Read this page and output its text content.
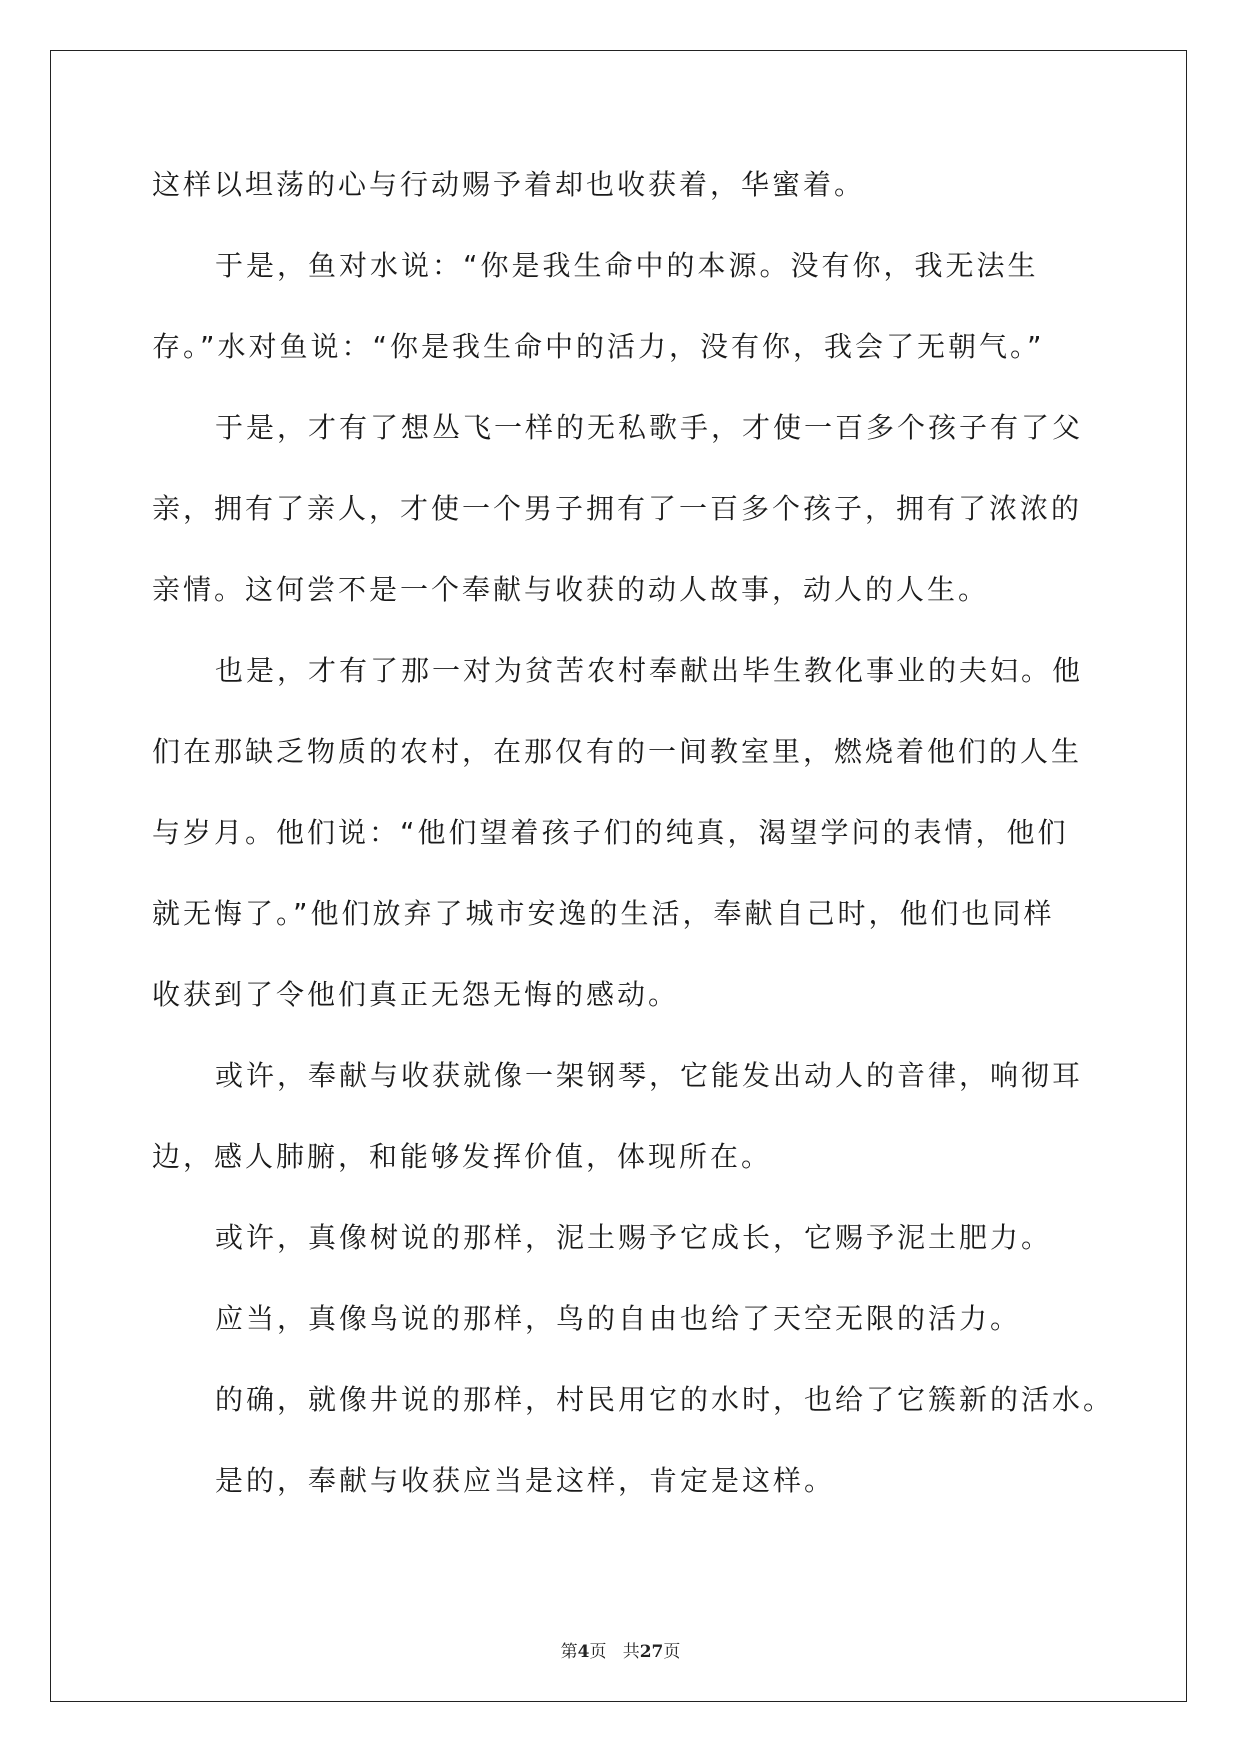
这样以坦荡的心与行动赐予着却也收获着，华蜜着。
于是，鱼对水说：“你是我生命中的本源。没有你，我无法生
存。”水对鱼说：“你是我生命中的活力，没有你，我会了无朝气。”
于是，才有了想丛飞一样的无私歌手，才使一百多个孩子有了父
亲，拥有了亲人，才使一个男子拥有了一百多个孩子，拥有了浓浓的
亲情。这何尝不是一个奉献与收获的动人故事，动人的人生。
也是，才有了那一对为贫苦农村奉献出毕生教化事业的夫妇。他
们在那缺乏物质的农村，在那仅有的一间教室里，燃烧着他们的人生
与岁月。他们说：“他们望着孩子们的纯真，渴望学问的表情，他们
就无悔了。”他们放弃了城市安逸的生活，奉献自己时，他们也同样
收获到了令他们真正无怨无悔的感动。
或许，奉献与收获就像一架钢琴，它能发出动人的音律，响彻耳
边，感人肺腑，和能够发挥价值，体现所在。
或许，真像树说的那样，泥土赐予它成长，它赐予泥土肥力。
应当，真像鸟说的那样，鸟的自由也给了天空无限的活力。
的确，就像井说的那样，村民用它的水时，也给了它簇新的活水。
是的，奉献与收获应当是这样，肯定是这样。
第4页 共27页
